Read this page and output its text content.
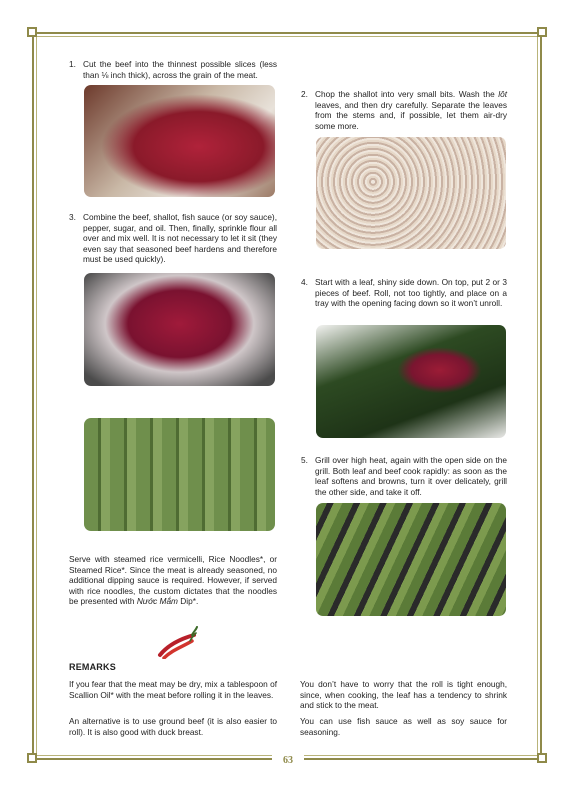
1. Cut the beef into the thinnest possible slices (less than ⅛ inch thick), across the grain of the meat.
2. Chop the shallot into very small bits. Wash the lôt leaves, and then dry carefully. Separate the leaves from the stems and, if possible, let them air-dry some more.
3. Combine the beef, shallot, fish sauce (or soy sauce), pepper, sugar, and oil. Then, finally, sprinkle flour all over and mix well. It is not necessary to let it sit (they even say that seasoned beef hardens and therefore must be used quickly).
4. Start with a leaf, shiny side down. On top, put 2 or 3 pieces of beef. Roll, not too tightly, and place on a tray with the opening facing down so it won’t unroll.
5. Grill over high heat, again with the open side on the grill. Both leaf and beef cook rapidly: as soon as the leaf softens and browns, turn it over delicately, grill the other side, and take it off.
Serve with steamed rice vermicelli, Rice Noodles*, or Steamed Rice*. Since the meat is already seasoned, no additional dipping sauce is required. However, if served with rice noodles, the custom dictates that the noodles be presented with Nước Mắm Dip*.
REMARKS
If you fear that the meat may be dry, mix a tablespoon of Scallion Oil* with the meat before rolling it in the leaves.
An alternative is to use ground beef (it is also easier to roll). It is also good with duck breast.
You don’t have to worry that the roll is tight enough, since, when cooking, the leaf has a tendency to shrink and stick to the meat.
You can use fish sauce as well as soy sauce for seasoning.
63
